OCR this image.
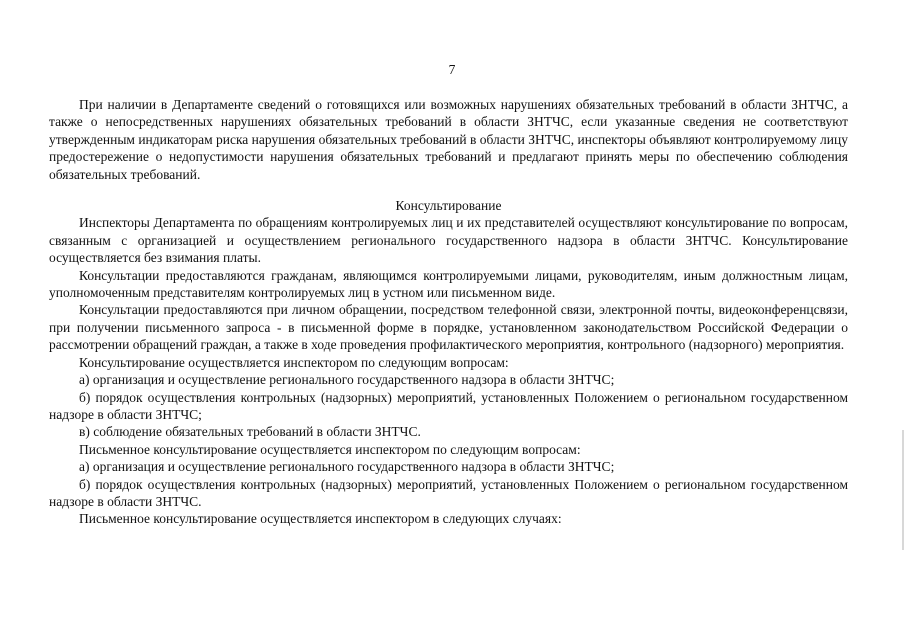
7

При наличии в Департаменте сведений о готовящихся или возможных нарушениях обязательных требований в области ЗНТЧС, а также о непосредственных нарушениях обязательных требований в области ЗНТЧС, если указанные сведения не соответствуют утвержденным индикаторам риска нарушения обязательных требований в области ЗНТЧС, инспекторы объявляют контролируемому лицу предостережение о недопустимости нарушения обязательных требований и предлагают принять меры по обеспечению соблюдения обязательных требований.

Консультирование

Инспекторы Департамента по обращениям контролируемых лиц и их представителей осуществляют консультирование по вопросам, связанным с организацией и осуществлением регионального государственного надзора в области ЗНТЧС. Консультирование осуществляется без взимания платы.

Консультации предоставляются гражданам, являющимся контролируемыми лицами, руководителям, иным должностным лицам, уполномоченным представителям контролируемых лиц в устном или письменном виде.

Консультации предоставляются при личном обращении, посредством телефонной связи, электронной почты, видеоконференцсвязи, при получении письменного запроса - в письменной форме в порядке, установленном законодательством Российской Федерации о рассмотрении обращений граждан, а также в ходе проведения профилактического мероприятия, контрольного (надзорного) мероприятия.

Консультирование осуществляется инспектором по следующим вопросам:

а) организация и осуществление регионального государственного надзора в области ЗНТЧС;

б) порядок осуществления контрольных (надзорных) мероприятий, установленных Положением о региональном государственном надзоре в области ЗНТЧС;

в) соблюдение обязательных требований в области ЗНТЧС.

Письменное консультирование осуществляется инспектором по следующим вопросам:

а) организация и осуществление регионального государственного надзора в области ЗНТЧС;

б) порядок осуществления контрольных (надзорных) мероприятий, установленных Положением о региональном государственном надзоре в области ЗНТЧС.

Письменное консультирование осуществляется инспектором в следующих случаях:
